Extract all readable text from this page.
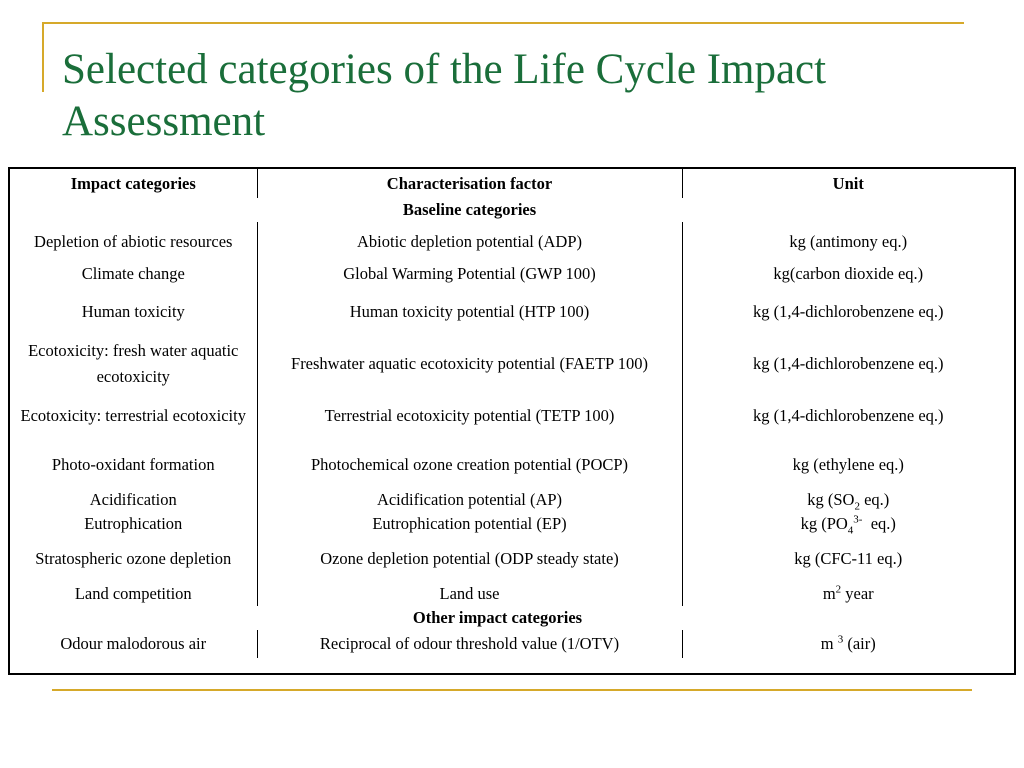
Selected categories of the Life Cycle Impact Assessment
Impact categories	Characterisation factor	Unit
	Baseline categories	
Depletion of abiotic resources	Abiotic depletion potential (ADP)	kg (antimony eq.)
Climate change	Global Warming Potential (GWP 100)	kg(carbon dioxide eq.)
Human toxicity	Human toxicity potential (HTP 100)	kg (1,4-dichlorobenzene eq.)
Ecotoxicity: fresh water aquatic ecotoxicity	Freshwater aquatic ecotoxicity potential (FAETP 100)	kg (1,4-dichlorobenzene eq.)
Ecotoxicity: terrestrial ecotoxicity	Terrestrial ecotoxicity potential (TETP 100)	kg (1,4-dichlorobenzene eq.)
Photo-oxidant formation	Photochemical ozone creation potential (POCP)	kg (ethylene eq.)
Acidification	Acidification potential (AP)	kg ($SO_2$ eq.)
Eutrophication	Eutrophication potential (EP)	kg ($PO_4^{3-}$  eq.)
Stratospheric ozone depletion	Ozone depletion potential (ODP steady state)	kg (CFC-11 eq.)
Land competition	Land use	$m^2$ year
	Other impact categories	
Odour malodorous air	Reciprocal of odour threshold value (1/OTV)	m $^3$ (air)
